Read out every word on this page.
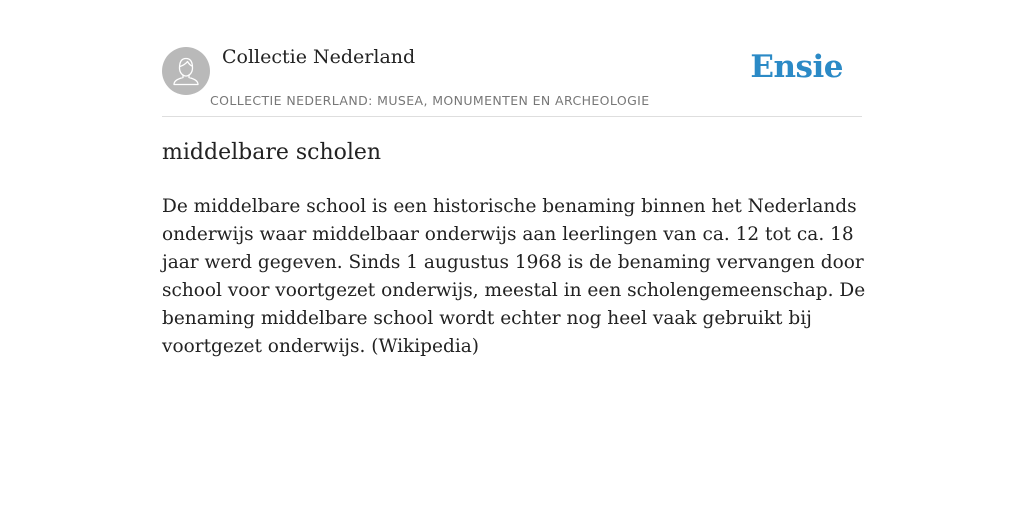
Collectie Nederland
COLLECTIE NEDERLAND: MUSEA, MONUMENTEN EN ARCHEOLOGIE
Ensie
middelbare scholen

De middelbare school is een historische benaming binnen het Nederlands onderwijs waar middelbaar onderwijs aan leerlingen van ca. 12 tot ca. 18 jaar werd gegeven. Sinds 1 augustus 1968 is de benaming vervangen door school voor voortgezet onderwijs, meestal in een scholengemeenschap. De benaming middelbare school wordt echter nog heel vaak gebruikt bij voortgezet onderwijs. (Wikipedia)
